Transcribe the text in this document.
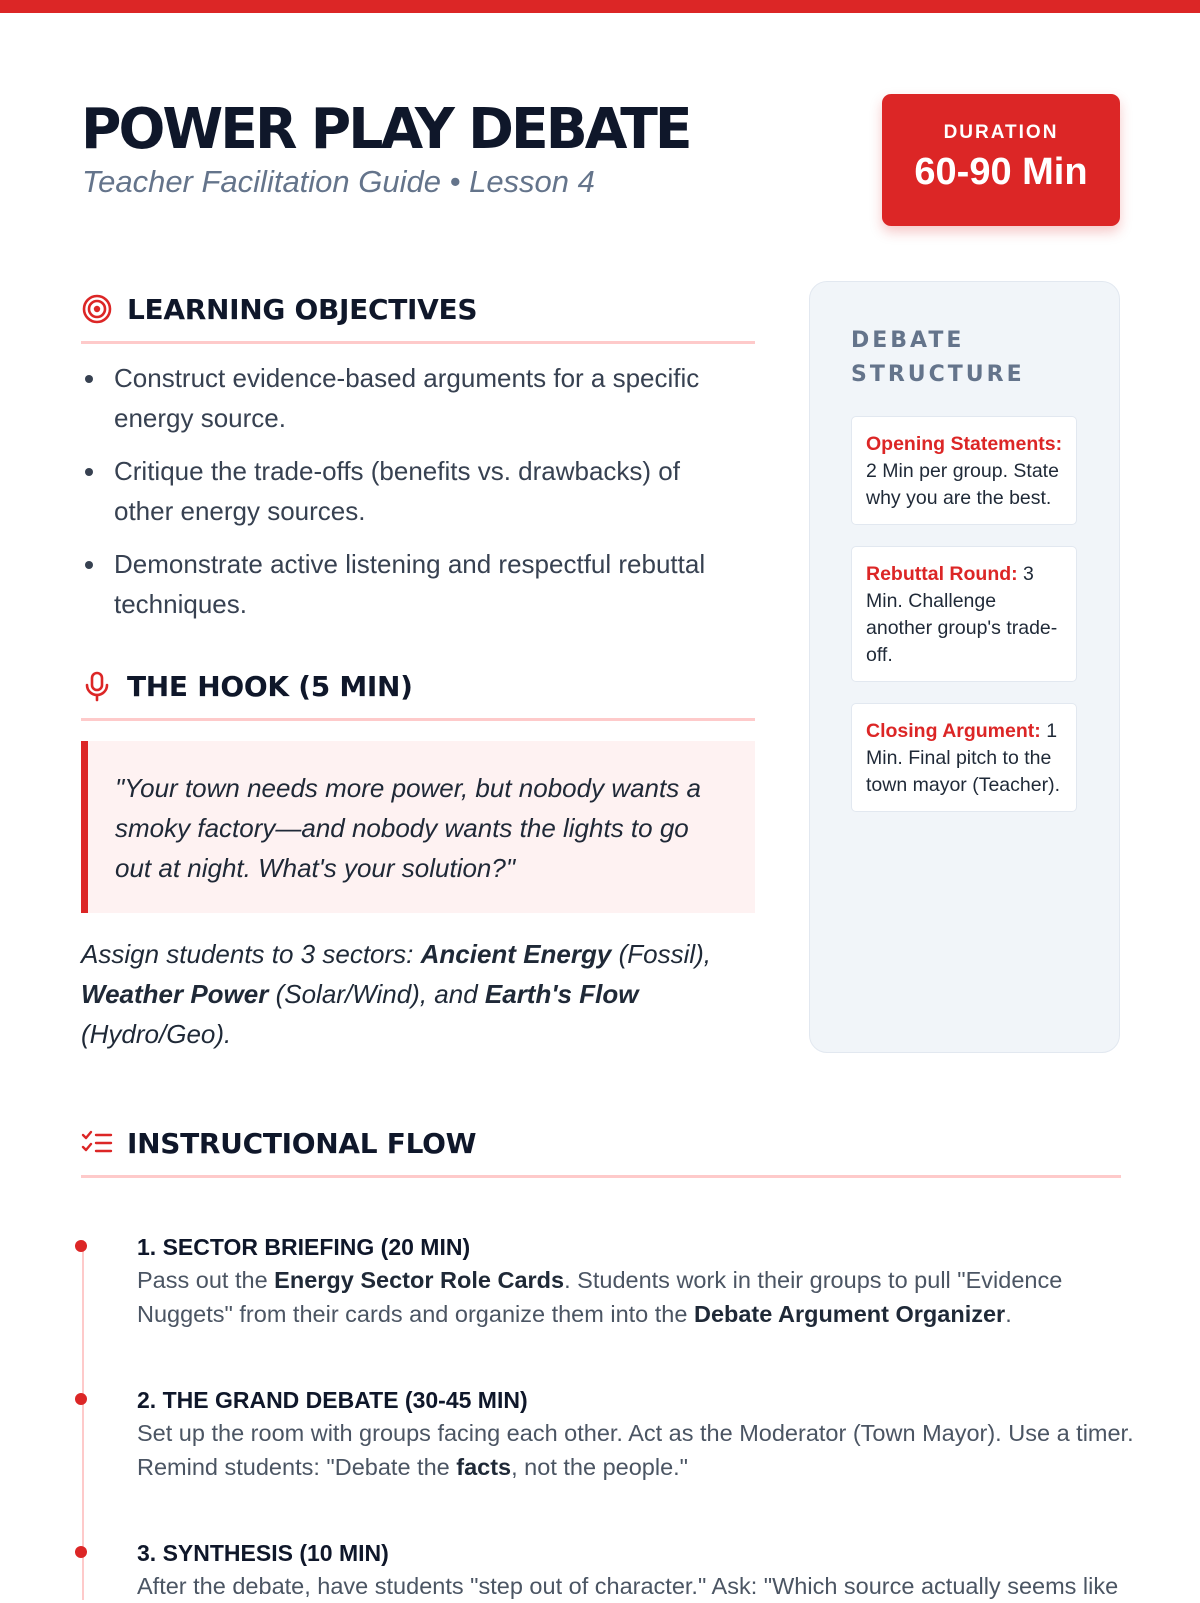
POWER PLAY DEBATE
Teacher Facilitation Guide • Lesson 4
DURATION
60-90 Min
LEARNING OBJECTIVES
Construct evidence-based arguments for a specific energy source.
Critique the trade-offs (benefits vs. drawbacks) of other energy sources.
Demonstrate active listening and respectful rebuttal techniques.
THE HOOK (5 MIN)
"Your town needs more power, but nobody wants a smoky factory—and nobody wants the lights to go out at night. What's your solution?"

Assign students to 3 sectors: Ancient Energy (Fossil), Weather Power (Solar/Wind), and Earth's Flow (Hydro/Geo).

DEBATE STRUCTURE
Opening Statements: 2 Min per group. State why you are the best.
Rebuttal Round: 3 Min. Challenge another group's trade-off.
Closing Argument: 1 Min. Final pitch to the town mayor (Teacher).
INSTRUCTIONAL FLOW
1. SECTOR BRIEFING (20 MIN)

Pass out the Energy Sector Role Cards. Students work in their groups to pull "Evidence Nuggets" from their cards and organize them into the Debate Argument Organizer.

2. THE GRAND DEBATE (30-45 MIN)

Set up the room with groups facing each other. Act as the Moderator (Town Mayor). Use a timer. Remind students: "Debate the facts, not the people."

3. SYNTHESIS (10 MIN)

After the debate, have students "step out of character." Ask: "Which source actually seems like
